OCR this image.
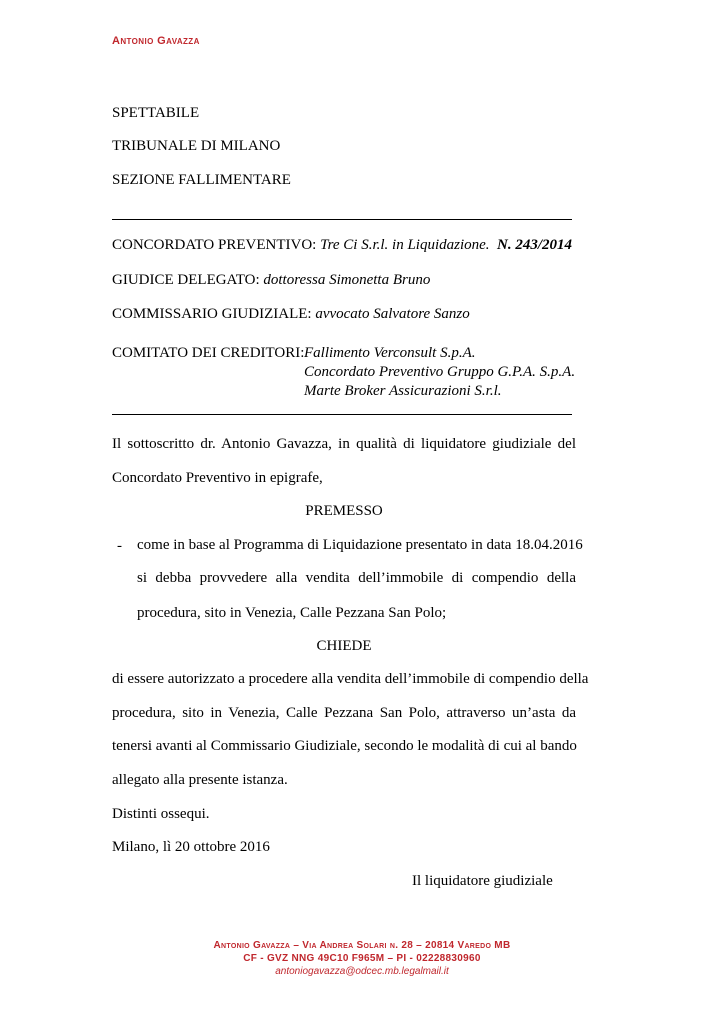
Antonio Gavazza
SPETTABILE
TRIBUNALE DI MILANO
SEZIONE FALLIMENTARE
CONCORDATO PREVENTIVO: Tre Ci S.r.l. in Liquidazione. N. 243/2014
GIUDICE DELEGATO: dottoressa Simonetta Bruno
COMMISSARIO GIUDIZIALE: avvocato Salvatore Sanzo
COMITATO DEI CREDITORI: Fallimento Verconsult S.p.A.
Concordato Preventivo Gruppo G.P.A. S.p.A.
Marte Broker Assicurazioni S.r.l.
Il sottoscritto dr. Antonio Gavazza, in qualità di liquidatore giudiziale del
Concordato Preventivo in epigrafe,
PREMESSO
- come in base al Programma di Liquidazione presentato in data 18.04.2016
si debba provvedere alla vendita dell’immobile di compendio della
procedura, sito in Venezia, Calle Pezzana San Polo;
CHIEDE
di essere autorizzato a procedere alla vendita dell’immobile di compendio della
procedura, sito in Venezia, Calle Pezzana San Polo, attraverso un’asta da
tenersi avanti al Commissario Giudiziale, secondo le modalità di cui al bando
allegato alla presente istanza.
Distinti ossequi.
Milano, lì 20 ottobre 2016
Il liquidatore giudiziale
Antonio Gavazza – Via Andrea Solari n. 28 – 20814 Varedo MB
CF - GVZ NNG 49C10 F965M – PI - 02228830960
antoniogavazza@odcec.mb.legalmail.it
